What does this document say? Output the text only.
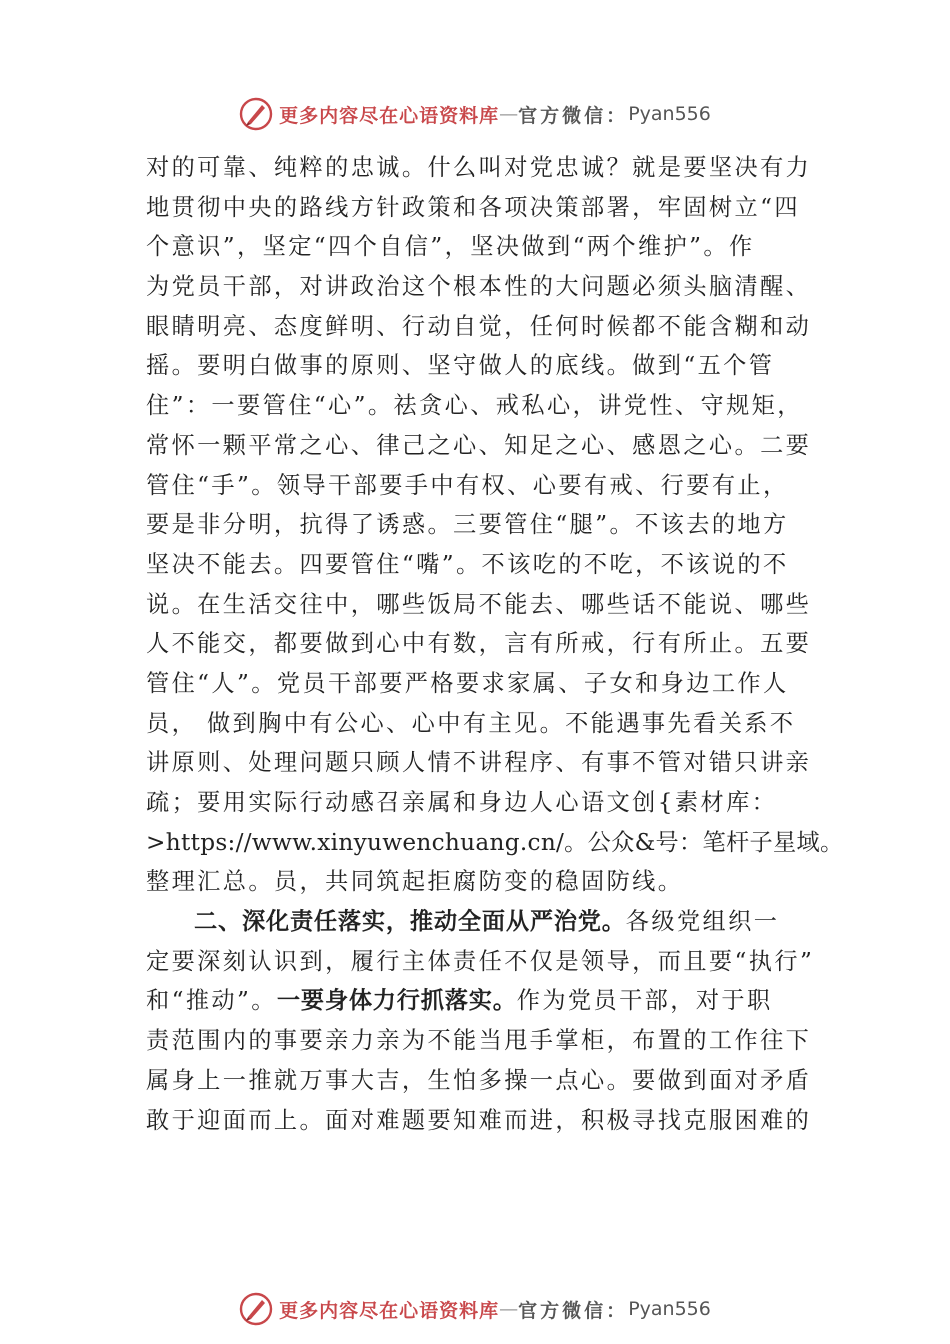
更多内容尽在心语资料库 — 官方微信： Pyan556
对的可靠、纯粹的忠诚。什么叫对党忠诚？就是要坚决有力
地贯彻中央的路线方针政策和各项决策部署，牢固树立“四
个意识”，坚定“四个自信”，坚决做到“两个维护”。作
为党员干部，对讲政治这个根本性的大问题必须头脑清醒、
眼睛明亮、态度鲜明、行动自觉，任何时候都不能含糊和动
摇。要明白做事的原则、坚守做人的底线。做到“五个管
住”：一要管住“心”。祛贪心、戒私心，讲党性、守规矩，
常怀一颗平常之心、律己之心、知足之心、感恩之心。二要
管住“手”。领导干部要手中有权、心要有戒、行要有止，
要是非分明，抗得了诱惑。三要管住“腿”。不该去的地方
坚决不能去。四要管住“嘴”。不该吃的不吃，不该说的不
说。在生活交往中，哪些饭局不能去、哪些话不能说、哪些
人不能交，都要做到心中有数，言有所戒，行有所止。五要
管住“人”。党员干部要严格要求家属、子女和身边工作人
员， 做到胸中有公心、心中有主见。不能遇事先看关系不
讲原则、处理问题只顾人情不讲程序、有事不管对错只讲亲
疏；要用实际行动感召亲属和身边人心语文创{素材库：
>https://www.xinyuwenchuang.cn/。公众&号：笔杆子星域。
整理汇总。员，共同筑起拒腐防变的稳固防线。
二、深化责任落实，推动全面从严治党。各级党组织一
定要深刻认识到，履行主体责任不仅是领导，而且要“执行”
和“推动”。一要身体力行抓落实。作为党员干部，对于职
责范围内的事要亲力亲为不能当甩手掌柜，布置的工作往下
属身上一推就万事大吉，生怕多操一点心。要做到面对矛盾
敢于迎面而上。面对难题要知难而进，积极寻找克服困难的
更多内容尽在心语资料库 — 官方微信： Pyan556
